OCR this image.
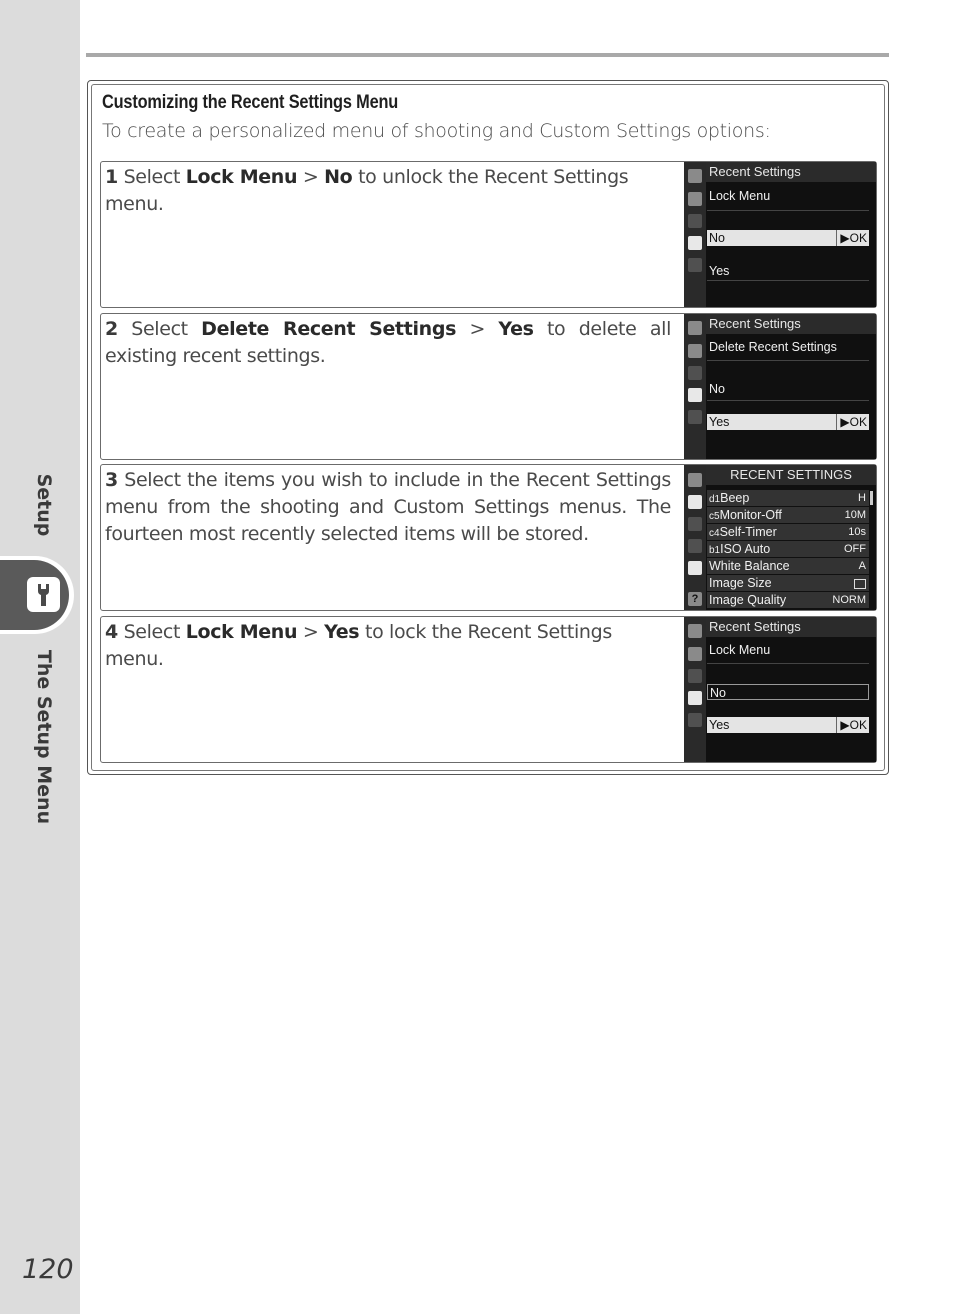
Setup
The Setup Menu
120
Customizing the Recent Settings Menu
To create a personalized menu of shooting and Custom Settings options:
1 Select Lock Menu > No to unlock the Recent Settings menu.
Recent Settings
Lock Menu
No	▶OK
Yes
2 Select Delete Recent Settings > Yes to delete all existing recent settings.
Recent Settings
Delete Recent Settings
No
Yes	▶OK
3 Select the items you wish to include in the Recent Settings menu from the shooting and Custom Settings menus. The fourteen most recently selected items will be stored.
?
RECENT SETTINGS
d1Beep	H
c5Monitor-Off	10M
c4Self-Timer	10s
b1ISO Auto	OFF
White Balance	A
Image Size
Image Quality	NORM
4 Select Lock Menu > Yes to lock the Recent Settings menu.
Recent Settings
Lock Menu
No
Yes	▶OK
